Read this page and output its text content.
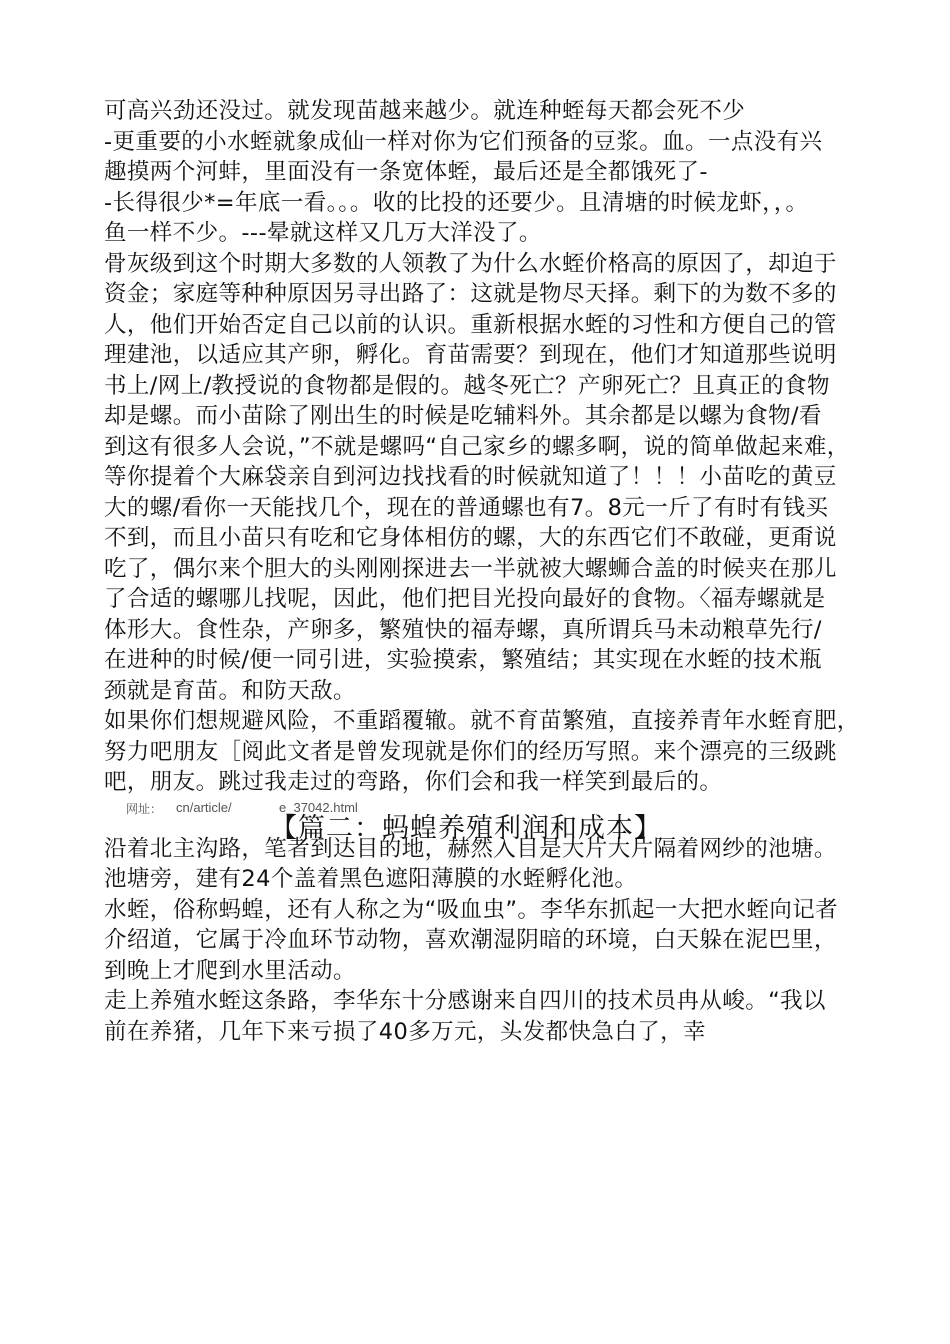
可高兴劲还没过。就发现苗越来越少。就连种蛭每天都会死不少
-更重要的小水蛭就象成仙一样对你为它们预备的豆浆。血。一点没有兴
趣摸两个河蚌，里面没有一条宽体蛭，最后还是全都饿死了-
-长得很少*=年底一看。。。收的比投的还要少。且清塘的时候龙虾，，。
鱼一样不少。---晕就这样又几万大洋没了。
骨灰级到这个时期大多数的人领教了为什么水蛭价格高的原因了，却迫于
资金；家庭等种种原因另寻出路了：这就是物尽天择。剩下的为数不多的
人，他们开始否定自己以前的认识。重新根据水蛭的习性和方便自己的管
理建池，以适应其产卵，孵化。育苗需要？到现在，他们才知道那些说明
书上/网上/教授说的食物都是假的。越冬死亡？产卵死亡？且真正的食物
却是螺。而小苗除了刚出生的时候是吃辅料外。其余都是以螺为食物/看
到这有很多人会说，”不就是螺吗“自己家乡的螺多啊，说的简单做起来难，
等你提着个大麻袋亲自到河边找找看的时候就知道了！！！小苗吃的黄豆
大的螺/看你一天能找几个，现在的普通螺也有7。8元一斤了有时有钱买
不到，而且小苗只有吃和它身体相仿的螺，大的东西它们不敢碰，更甭说
吃了，偶尔来个胆大的头刚刚探进去一半就被大螺蛳合盖的时候夹在那儿
了合适的螺哪儿找呢，因此，他们把目光投向最好的食物。〈福寿螺就是
体形大。食性杂，产卵多，繁殖快的福寿螺，真所谓兵马未动粮草先行/
在进种的时候/便一同引进，实验摸索，繁殖结；其实现在水蛭的技术瓶
颈就是育苗。和防天敌。
如果你们想规避风险，不重蹈覆辙。就不育苗繁殖，直接养青年水蛭育肥，
努力吧朋友［阅此文者是曾发现就是你们的经历写照。来个漂亮的三级跳
吧，朋友。跳过我走过的弯路，你们会和我一样笑到最后的。
网址： cn/article/	e_37042.html
【篇二：蚂蝗养殖利润和成本】
沿着北主沟路，笔者到达目的地，赫然入目是大片大片隔着网纱的池塘。
池塘旁，建有24个盖着黑色遮阳薄膜的水蛭孵化池。
水蛭，俗称蚂蝗，还有人称之为“吸血虫”。李华东抓起一大把水蛭向记者
介绍道，它属于冷血环节动物，喜欢潮湿阴暗的环境，白天躲在泥巴里，
到晚上才爬到水里活动。
走上养殖水蛭这条路，李华东十分感谢来自四川的技术员冉从峻。“我以
前在养猪，几年下来亏损了40多万元，头发都快急白了，幸
